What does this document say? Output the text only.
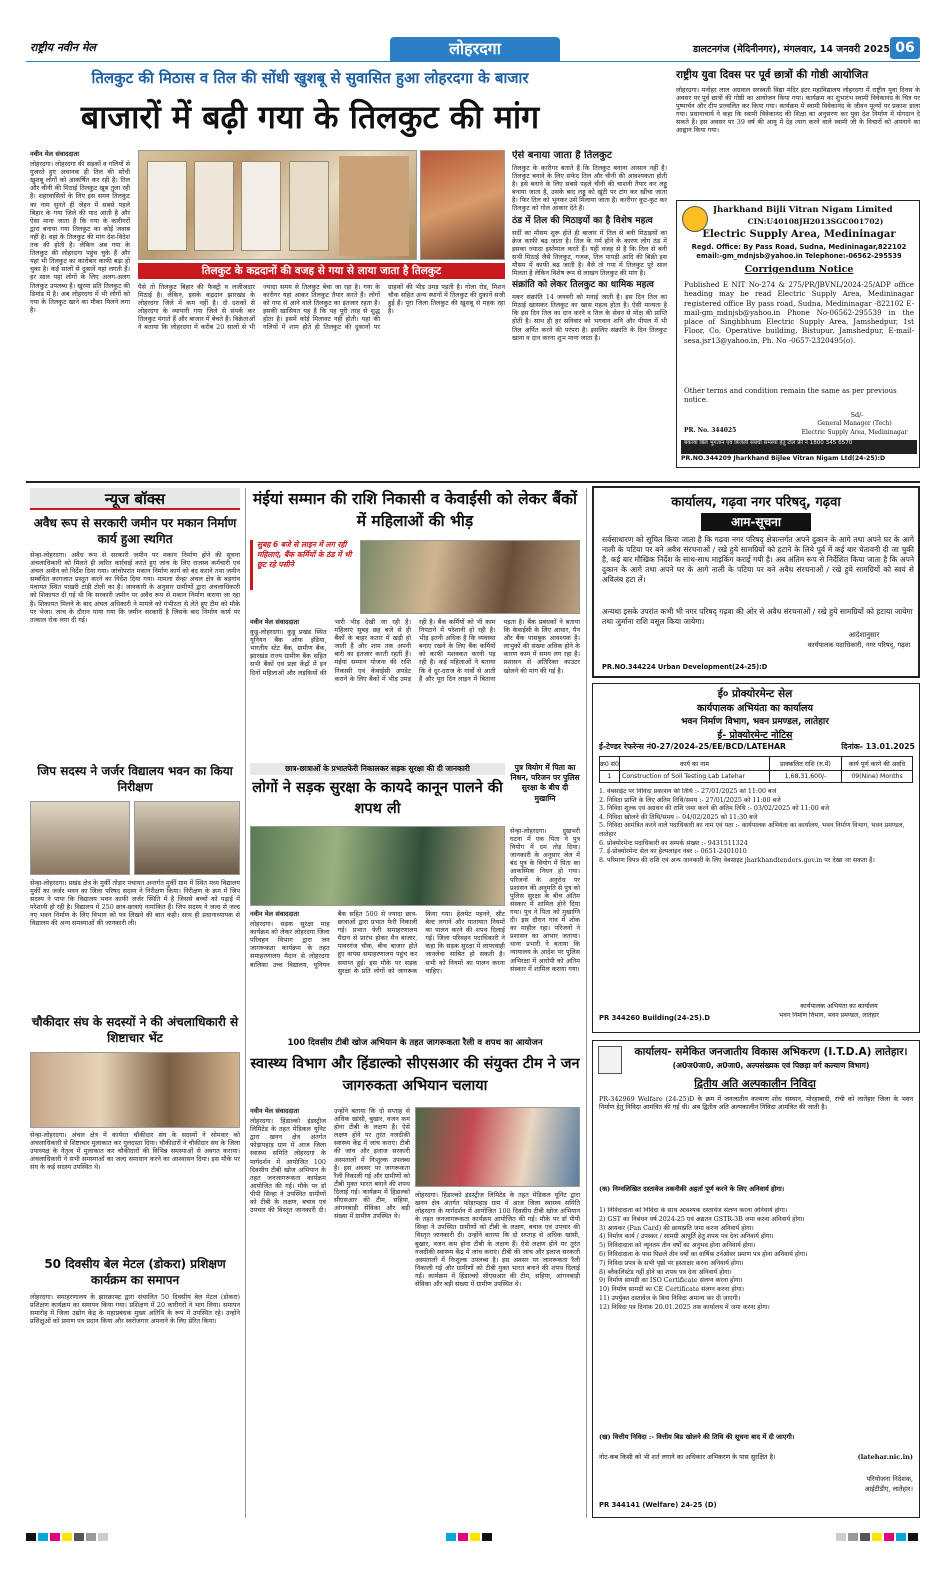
राष्ट्रीय नवीन मेल	लोहरदगा	डालटनगंज (मेदिनीनगर), मंगलवार, 14 जनवरी 2025 06
तिलकुट की मिठास व तिल की सोंधी खुशबू से सुवासित हुआ लोहरदगा के बाजार
बाजारों में बढ़ी गया के तिलकुट की मांग
नवीन मेल संवाददाता
लोहरदगा। लोहरदगा की सड़कों व गलियों से गुजरते हुए अचानक ही तिल की सोंधी खुशबू लोगों को आकर्षित कर रही है। तिल और चीनी की मिठाई तिलकुट खूब तुला रही है। शहरवासियों के लिए इस समय तिलकुट का नाम सुनते ही जेहन में सबसे पहले बिहार के गया जिले की याद आती है और ऐसा माना जाता है कि गया के कारीगरों द्वारा बनाया गया तिलकुट का कोई जवाब नहीं है। वहां के तिलकुट की मांग देश-विदेश तक की होती है। लेकिन अब गया के तिलकुट की लोहरदगा पहुंच चुके हैं और यहां भी तिलकुट का कारोबार काफी बढ़ा हो चुका है। कई सालों से दुकानें यहां लगती हैं। हर साल यहां लोगों के लिए अलग-अलग तिलकुट उपलब्ध है। खुरमा प्रति तिलकुट की डिमांड में है। अब लोहरदगा में भी लोगों को गया के तिलकुट खाने का मौका मिलने लगा है।
तिलकुट के कद्रदानों की वजह से गया से लाया जाता है तिलकुट
पैसे तो तिलकुट बिहार की फैक्ट्री व लजीजदार मिठाई है। लेकिन, इसके कद्रदान झारखंड के लोहरदगा जिले में कम नहीं है। दो दशकों से लोहरदगा के व्यापारी गया जिले से संपर्क कर तिलकुट मंगाते हैं और बाजार में बेचते हैं। विक्रेताओं ने बताया कि लोहरदगा में करीब 20 सालों से भी ज्यादा समय से तिलकुट बेचा जा रहा है। गया के कारीगर यहां आकर तिलकुट तैयार करते हैं। लोगों को गया से आने वाले तिलकुट का इंतजार रहता है। इसकी खासियत यह है कि यह पूरी तरह से शुद्ध होता है। इसमें कोई मिलावट नहीं होती। यहां की गलियों में शाम होते ही तिलकुट की दुकानों पर ग्राहकों की भीड़ उमड़ पड़ती है। गोला रोड, मिशन चौक सहित अन्य स्थानों में तिलकुट की दुकानें सजी हुई हैं। पूरा जिला तिलकुट की खुशबू से महक रहा है।
ऐसे बनाया जाता है तिलकुट
तिलकुट के कारीगर बताते हैं कि तिलकुट बनाना आसान नहीं है। तिलकुट बनाने के लिए सफेद तिल और चीनी की आवश्यकता होती है। इसे बनाने के लिए सबसे पहले चीनी की चाशनी तैयार कर लड्डू बनाया जाता है, उसके बाद लड्डू को खूंटी पर टांग कर खींचा जाता है। फिर तिल को भूनकर उसे मिलाया जाता है। कारीगर कूट-कूट कर तिलकुट को गोल आकार देते हैं।
ठंड में तिल की मिठाइयों का है विशेष महत्व
सर्दी का मौसम शुरू होते ही बाजार में तिल से बनी मिठाइयों का क्रेज काफी बढ़ जाता है। तिल के गर्म होने के कारण लोग ठंड में इसका ज्यादा इस्तेमाल करते हैं। यहीं वजह से है कि तिल से बनी सभी मिठाई जैसे तिलकुट, गजक, तिल पापड़ी आदि की बिक्री इस मौसम में काफी बढ़ जाती है। वैसे तो गया में तिलकुट पूरे साल मिलता है लेकिन विशेष रूप से लाखन तिलकुट की मांग है।
संक्रांति को लेकर तिलकुट का धामिक महत्व
मकर संक्रांति 14 जनवरी को मनाई जाती है। इस दिन तिल का मिठाई खासकर तिलकुट का खास महत्व होता है। ऐसी मान्यता है कि इस दिन तिल का दान करने व तिल के सेवन से मोक्ष की प्राप्ति होती है। साथ ही हर सनिवार को भगवान शनि और पीपल में भी तिल अर्पित करने की परंपरा है। इसलिए संक्रांति के दिन तिलकुट खाना व दान करना शुभ माना जाता है।
राष्ट्रीय युवा दिवस पर पूर्व छात्रों की गोष्ठी आयोजित
लोहरदगा। मनोहर लाल अग्रवाल सरस्वती विद्या मंदिर इंटर महाविद्यालय लोहरदगा में राष्ट्रीय युवा दिवस के अवसर पर पूर्व छात्रों की गोष्ठी का आयोजन किया गया। कार्यक्रम का शुभारंभ स्वामी विवेकानंद के चित्र पर पुष्पार्चन और दीप प्रज्वलित कर किया गया। कार्यक्रम में स्वामी विवेकानंद के जीवन मूल्यों पर प्रकाश डाला गया। प्रधानाचार्य ने कहा कि स्वामी विवेकानंद की शिक्षा का अनुसरण कर युवा देश निर्माण में योगदान दे सकते हैं। इस अवसर पर 39 वर्ष की आयु में देह त्याग करने वाले स्वामी जी के विचारों को अपनाने का आह्वान किया गया।
Jharkhand Bijli Vitran Nigam Limited
CIN:U40108JH2013SGC001702)
Electric Supply Area, Medininagar
Regd. Office: By Pass Road, Sudna, Medininagar,822102
email:-gm_mdnjsb@yahoo.in Telephone:-06562-295539
Corrigendum Notice
Published E NIT No-274 & 275/PR/JBVNL/2024-25/ADP office heading may be read Electric Supply Area, Medininagar registered office By pass road, Sudna, Medininagar -822102 E-mail-gm_mdnjsb@yahoo.in Phone No-06562-295539 in the place of Singhbhum Electric Supply Area, Jamshedpur, 1st Floor, Co. Operative building, Bistupur, Jamshedpur, E-mail-sesa.jsr13@yahoo.in, Ph. No -0657-2320495(o).
Other terms and condition remain the same as per previous notice.
Sd/-
General Manager (Tech)
PR. No. 344025	Electric Supply Area, Medininagar
बकाया बिल भुगतान एवं बिजली संबंधी समस्या हेतु टोल फ्री नं 1800 345 6570
PR.NO.344209 Jharkhand Bijlee Vitran Nigam Ltd(24-25):D
न्यूज बॉक्स
अवैध रूप से सरकारी जमीन पर मकान निर्माण कार्य हुआ स्थगित
सेन्हा-लोहरदगा। अवैध रूप से सरकारी जमीन पर मकान निर्माण होने की सूचना अंचलाधिकारी को मिलते ही त्वरित कार्रवाई करते हुए जांच के लिए राजस्व कर्मचारी एवं अंचल अमीन को निर्देश दिया गया। जांचोपरांत मकान निर्माण कार्य को बंद कराने तथा जमीन सम्बंधित कागजात प्रस्तुत करने का निर्देश दिया गया। मामला सेन्हा अंचल क्षेत्र के बड़गांव पंचायत स्थित पाखरी टांड़ी टोली का है। जानकारी के अनुसार ग्रामीणों द्वारा अंचलाधिकारी को शिकायत दी गई थी कि सरकारी जमीन पर अवैध रूप से मकान निर्माण कराया जा रहा है। शिकायत मिलने के बाद अंचल अधिकारी ने मामले को गंभीरता से लेते हुए टीम को मौके पर भेजा। जांच के दौरान पाया गया कि जमीन सरकारी है जिसके बाद निर्माण कार्य पर तत्काल रोक लगा दी गई।
जिप सदस्य ने जर्जर विद्यालय भवन का किया निरीक्षण
सेन्हा-लोहरदगा। प्रखंड क्षेत्र के मुर्की तोड़ार पंचायत अन्तर्गत मुर्की ग्राम में स्थित मध्य विद्यालय मुर्की का जर्जर भवन का जिला परिषद सदस्य ने निरीक्षण किया। निरीक्षण के क्रम में जिप सदस्य ने पाया कि विद्यालय भवन काफी जर्जर स्थिति में है जिससे बच्चों को पढ़ाई में परेशानी हो रही है। विद्यालय में 250 छात्र-छात्राएं नामांकित हैं। जिप सदस्य ने जल्द से जल्द नए भवन निर्माण के लिए विभाग को पत्र लिखने की बात कही। साथ ही प्रधानाध्यापक से विद्यालय की अन्य समस्याओं की जानकारी ली।
चौकीदार संघ के सदस्यों ने की अंचलाधिकारी से शिष्टाचार भेंट
सेन्हा-लोहरदगा। अंचल क्षेत्र में कार्यरत चौकीदार संघ के सदस्यों ने सोमवार को अंचलाधिकारी से शिष्टाचार मुलाकात कर गुलदस्ता दिया। चौकीदारों ने चौकीदार संघ के जिला उपाध्यक्ष के नेतृत्व में मुलाकात कर चौकीदारों की विभिन्न समस्याओं से अवगत कराया। अंचलाधिकारी ने सभी समस्याओं का जल्द समाधान करने का आश्वासन दिया। इस मौके पर संघ के कई सदस्य उपस्थित थे।
50 दिवसीय बेल मेटल (डोकरा) प्रशिक्षण कार्यक्रम का समापन
लोहरदगा। समाहरणालय के झारक्राफ्ट द्वारा संचालित 50 दिवसीय बेल मेटल (डोकरा) प्रशिक्षण कार्यक्रम का समापन किया गया। प्रशिक्षण में 20 कारीगरों ने भाग लिया। समापन समारोह में जिला उद्योग केंद्र के महाप्रबंधक मुख्य अतिथि के रूप में उपस्थित रहे। उन्होंने प्रशिक्षुओं को प्रमाण पत्र प्रदान किया और स्वरोजगार अपनाने के लिए प्रेरित किया।
मंईयां सम्मान की राशि निकासी व केवाईसी को लेकर बैंकों में महिलाओं की भीड़
सुबह 6 बजे से लाइन में लग रही महिलाएं, बैंक कर्मियों के ठंड में भी छूट रहे पसीने
नवीन मेल संवाददाता
कुडू-लोहरदगा। कुडू प्रखंड स्थित यूनियन बैंक ऑफ इंडिया, भारतीय स्टेट बैंक, ग्रामीण बैंक, झारखंड राज्य ग्रामीण बैंक सहित सभी बैंकों एवं प्रज्ञा केंद्रों में इन दिनों महिलाओं और लड़कियों की भारी भीड़ देखी जा रही है। महिलाएं सुबह छह बजे से ही बैंकों के बाहर कतार में खड़ी हो जाती हैं और शाम तक अपनी बारी का इंतजार करती रहती हैं। मंईयां सम्मान योजना की राशि निकासी एवं केवाईसी अपडेट कराने के लिए बैंकों में भीड़ उमड़ रही है। बैंक कर्मियों को भी काम निपटाने में परेशानी हो रही है। भीड़ इतनी अधिक है कि व्यवस्था बनाए रखने के लिए बैंक कर्मियों को काफी मशक्कत करनी पड़ रही है। कई महिलाओं ने बताया कि वे दूर-दराज के गांवों से आती हैं और पूरा दिन लाइन में बिताना पड़ता है। बैंक प्रबंधकों ने बताया कि केवाईसी के लिए आधार, पैन और बैंक पासबुक आवश्यक है। लाभुकों की संख्या अधिक होने के कारण काम में समय लग रहा है। प्रशासन से अतिरिक्त काउंटर खोलने की मांग की गई है।
छात्र-छात्राओं के प्रभातफेरी निकालकर सड़क सुरक्षा की दी जानकारी
लोगों ने सड़क सुरक्षा के कायदे कानून पालने की शपथ ली
नवीन मेल संवाददाता
लोहरदगा। सड़क सुरक्षा माह कार्यक्रम को लेकर लोहरदगा जिला परिवहन विभाग द्वारा जन जागरूकता कार्यक्रम के तहत समाहरणालय मैदान से लोहरदगा बालिका उच्च विद्यालय, यूनियन बैंक सहित 500 से ज्यादा छात्र-छात्राओं द्वारा प्रभात फेरी निकाली गई। प्रभात फेरी समाहरणालय मैदान से प्रारंभ होकर मैन बाजार, पावरगंज चौक, बीच बाजार होते हुए वापस समाहरणालय पहुंच कर समाप्त हुई। इस मौके पर सड़क सुरक्षा के प्रति लोगों को जागरूक किया गया। हेलमेट पहनने, सीट बेल्ट लगाने और यातायात नियमों का पालन करने की शपथ दिलाई गई। जिला परिवहन पदाधिकारी ने कहा कि सड़क सुरक्षा में लापरवाही जानलेवा साबित हो सकती है। सभी को नियमों का पालन करना चाहिए।
पुत्र वियोग में पिता का निधन, परिजन पर पुलिस सुरक्षा के बीच दी मुखाग्नि
सेन्हा-लोहरदगा। दुखभरी घटना में एक पिता ने पुत्र वियोग में दम तोड़ दिया। जानकारी के अनुसार जेल में बंद पुत्र के वियोग में पिता का आकस्मिक निधन हो गया। परिजनों के अनुरोध पर प्रशासन की अनुमति से पुत्र को पुलिस सुरक्षा के बीच अंतिम संस्कार में शामिल होने दिया गया। पुत्र ने पिता को मुखाग्नि दी। इस दौरान गांव में शोक का माहौल रहा। परिजनों ने प्रशासन का आभार जताया। थाना प्रभारी ने बताया कि न्यायालय के आदेश पर पुलिस अभिरक्षा में आरोपी को अंतिम संस्कार में शामिल कराया गया।
100 दिवसीय टीबी खोज अभियान के तहत जागरूकता रैली व शपथ का आयोजन
स्वास्थ्य विभाग और हिंडाल्को सीएसआर की संयुक्त टीम ने जन जागरुकता अभियान चलाया
नवीन मेल संवाददाता
लोहरदगा। हिंडाल्को इंडस्ट्रीज लिमिटेड के तहत मेडिकल यूनिट द्वारा खनन क्षेत्र अंतर्गत फोड़ापहाड़ ग्राम में आज जिला स्वास्थ्य समिति लोहरदगा के मार्गदर्शन में आयोजित 100 दिवसीय टीबी खोज अभियान के तहत जनजागरूकता कार्यक्रम आयोजित की गई। मौके पर डॉ पीपी सिन्हा ने उपस्थित ग्रामीणों को टीबी के लक्षण, बचाव एवं उपचार की विस्तृत जानकारी दी। उन्होंने बताया कि दो सप्ताह से अधिक खांसी, बुखार, वजन कम होना टीबी के लक्षण हैं। ऐसे लक्षण होने पर तुरंत नजदीकी स्वास्थ्य केंद्र में जांच कराएं। टीबी की जांच और इलाज सरकारी अस्पतालों में निःशुल्क उपलब्ध है। इस अवसर पर जागरूकता रैली निकाली गई और ग्रामीणों को टीबी मुक्त भारत बनाने की शपथ दिलाई गई। कार्यक्रम में हिंडाल्को सीएसआर की टीम, सहिया, आंगनबाड़ी सेविका और बड़ी संख्या में ग्रामीण उपस्थित थे।
लोहरदगा। हिंडाल्को इंडस्ट्रीज लिमिटेड के तहत मेडिकल यूनिट द्वारा खनन क्षेत्र अंतर्गत फोड़ापहाड़ ग्राम में आज जिला स्वास्थ्य समिति लोहरदगा के मार्गदर्शन में आयोजित 100 दिवसीय टीबी खोज अभियान के तहत जनजागरूकता कार्यक्रम आयोजित की गई। मौके पर डॉ पीपी सिन्हा ने उपस्थित ग्रामीणों को टीबी के लक्षण, बचाव एवं उपचार की विस्तृत जानकारी दी। उन्होंने बताया कि दो सप्ताह से अधिक खांसी, बुखार, वजन कम होना टीबी के लक्षण हैं। ऐसे लक्षण होने पर तुरंत नजदीकी स्वास्थ्य केंद्र में जांच कराएं। टीबी की जांच और इलाज सरकारी अस्पतालों में निःशुल्क उपलब्ध है। इस अवसर पर जागरूकता रैली निकाली गई और ग्रामीणों को टीबी मुक्त भारत बनाने की शपथ दिलाई गई। कार्यक्रम में हिंडाल्को सीएसआर की टीम, सहिया, आंगनबाड़ी सेविका और बड़ी संख्या में ग्रामीण उपस्थित थे।
कार्यालय, गढ़वा नगर परिषद्, गढ़वा
आम-सूचना
सर्वसाधारण को सूचित किया जाता है कि गढ़वा नगर परिषद् क्षेत्रान्तर्गत अपने दुकान के आगे तथा अपने घर के आगे नाली के पटिया पर बने अवैध संरचनाओं / रखे हुये सामग्रियों को हटाने के लिये पूर्व में कई बार चेतावनी दी जा चुकी है, कई बार मौखिक निर्देश के साथ-साथ माइकिंग कराई गयी है। अब अंतिम रूप से निर्देशित किया जाता है कि अपने दुकान के आगे तथा अपने घर के आगे नाली के पटिया पर बने अवैध संरचनाओं / रखे हुये सामग्रियों को स्वयं से अविलंब हटा लें।
अन्यथा इसके उपरांत कभी भी नगर परिषद् गढ़वा की ओर से अवैध संरचनाओं / रखे हुये सामग्रियों को हटाया जायेगा तथा जुर्माना राशि वसूल किया जायेगा।
आदेशानुसार
कार्यपालक पदाधिकारी, नगर परिषद्, गढ़वा
PR.NO.344224 Urban Development(24-25):D
ई० प्रोक्योरमेन्ट सेल
कार्यपालक अभियंता का कार्यालय
भवन निर्माण विभाग, भवन प्रमण्डल, लातेहार
ई- प्रोक्योरमेन्ट नोटिस
ई-टेण्डर रेफरेन्स नं0-27/2024-25/EE/BCD/LATEHAR	दिनांक- 13.01.2025
क्र0 सं0	कार्य का नाम	प्राक्कलित राशि (रु.में)	कार्य पूर्ण करने की अवधि
1	Construction of Soil Testing Lab Latehar	1,68,31,600/-	09(Nine) Months
1. वेबसाईट पर निविदा प्रकाशन की तिथि :- 27/01/2025 को 11:00 बजे
2. निविदा प्राप्ति के लिए अंतिम तिथि/समय :- 27/01/2025 को 11:00 बजे
3. निविदा शुल्क एवं अग्रधन की राशि जमा करने की अंतिम तिथि :- 03/02/2025 को 11:00 बजे
4. निविदा खोलने की तिथि/समय :- 04/02/2025 को 11:30 बजे
5. निविदा आमंत्रित करने वाले पदाधिकारी का नाम एवं पता :- कार्यपालक अभियंता का कार्यालय, भवन निर्माण विभाग, भवन प्रमण्डल, लातेहार
6. प्रोक्योरमेन्ट पदाधिकारी का सम्पर्क संख्या :- 9431511324
7. ई-प्रोक्योरमेन्ट सेल का हेल्पलाइन नंबर :- 0651-2401010
8. परिमाण विपत्र की राशि एवं अन्य जानकारी के लिए वेबसाइट jharkhandtenders.gov.in पर देखा जा सकता है।
कार्यपालक अभियंता का कार्यालय
भवन निर्माण विभाग, भवन प्रमण्डल, लातेहार
PR 344260 Building(24-25).D
कार्यालय- समेकित जनजातीय विकास अभिकरण (I.T.D.A) लातेहार।
(अ0ज0जा0, अ0जा0, अल्पसंख्यक एवं पिछड़ा वर्ग कल्याण विभाग)
द्वितीय अति अल्पकालीन निविदा
PR-342969 Welfare (24-25)D के क्रम में जनजातीय कल्याण शोध संस्थान, मोरहाबादी, रांची को लातेहार जिला के भवन निर्माण हेतु निविदा आमंत्रित की गई थी। अब द्वितीय अति अल्पकालीन निविदा आमंत्रित की जाती है।
(क) निम्नलिखित दस्तावेज तकनीकी अहर्ता पूर्ण करने के लिए अनिवार्य होगा।
1) निविदादाता को निविदा के साथ आवश्यक दस्तावेज संलग्न करना अनिवार्य होगा।
2) GST का निबंधन वर्ष 2024-25 एवं अद्यतन GSTR-3B जमा करना अनिवार्य होगा।
3) आयकर (Pan Card) की छायाप्रति जमा करना अनिवार्य होगा।
4) निर्माण कार्य / उपस्कर / सामग्री आपूर्ति हेतु शपथ पत्र देना अनिवार्य होगा।
5) निविदादाता को न्यूनतम तीन वर्षों का अनुभव होना अनिवार्य होगा।
6) निविदादाता के पास पिछले तीन वर्षों का वार्षिक टर्नओवर प्रमाण पत्र होना अनिवार्य होगा।
7) निविदा प्रपत्र के सभी पृष्ठों पर हस्ताक्षर करना अनिवार्य होगा।
8) ब्लैकलिस्टेड नहीं होने का शपथ पत्र देना अनिवार्य होगा।
9) निर्माण सामग्री का ISO Certificate संलग्न करना होगा।
10) निर्माण सामग्री का CE Certificate संलग्न करना होगा।
11) उपर्युक्त दस्तावेज के बिना निविदा अमान्य कर दी जाएगी।
12) निविदा पत्र दिनांक 20.01.2025 तक कार्यालय में जमा करना होगा।
(ख) वित्तीय निविदा :- वित्तीय बिड खोलने की तिथि की सूचना बाद में दी जाएगी।
नोट-कब किसी को भी शर्त लगाने का अधिकार अभिकरण के पास सुरक्षित है।	(latehar.nic.in)
परियोजना निदेशक,
आईटीडीए, लातेहार।
PR 344141 (Welfare) 24-25 (D)
